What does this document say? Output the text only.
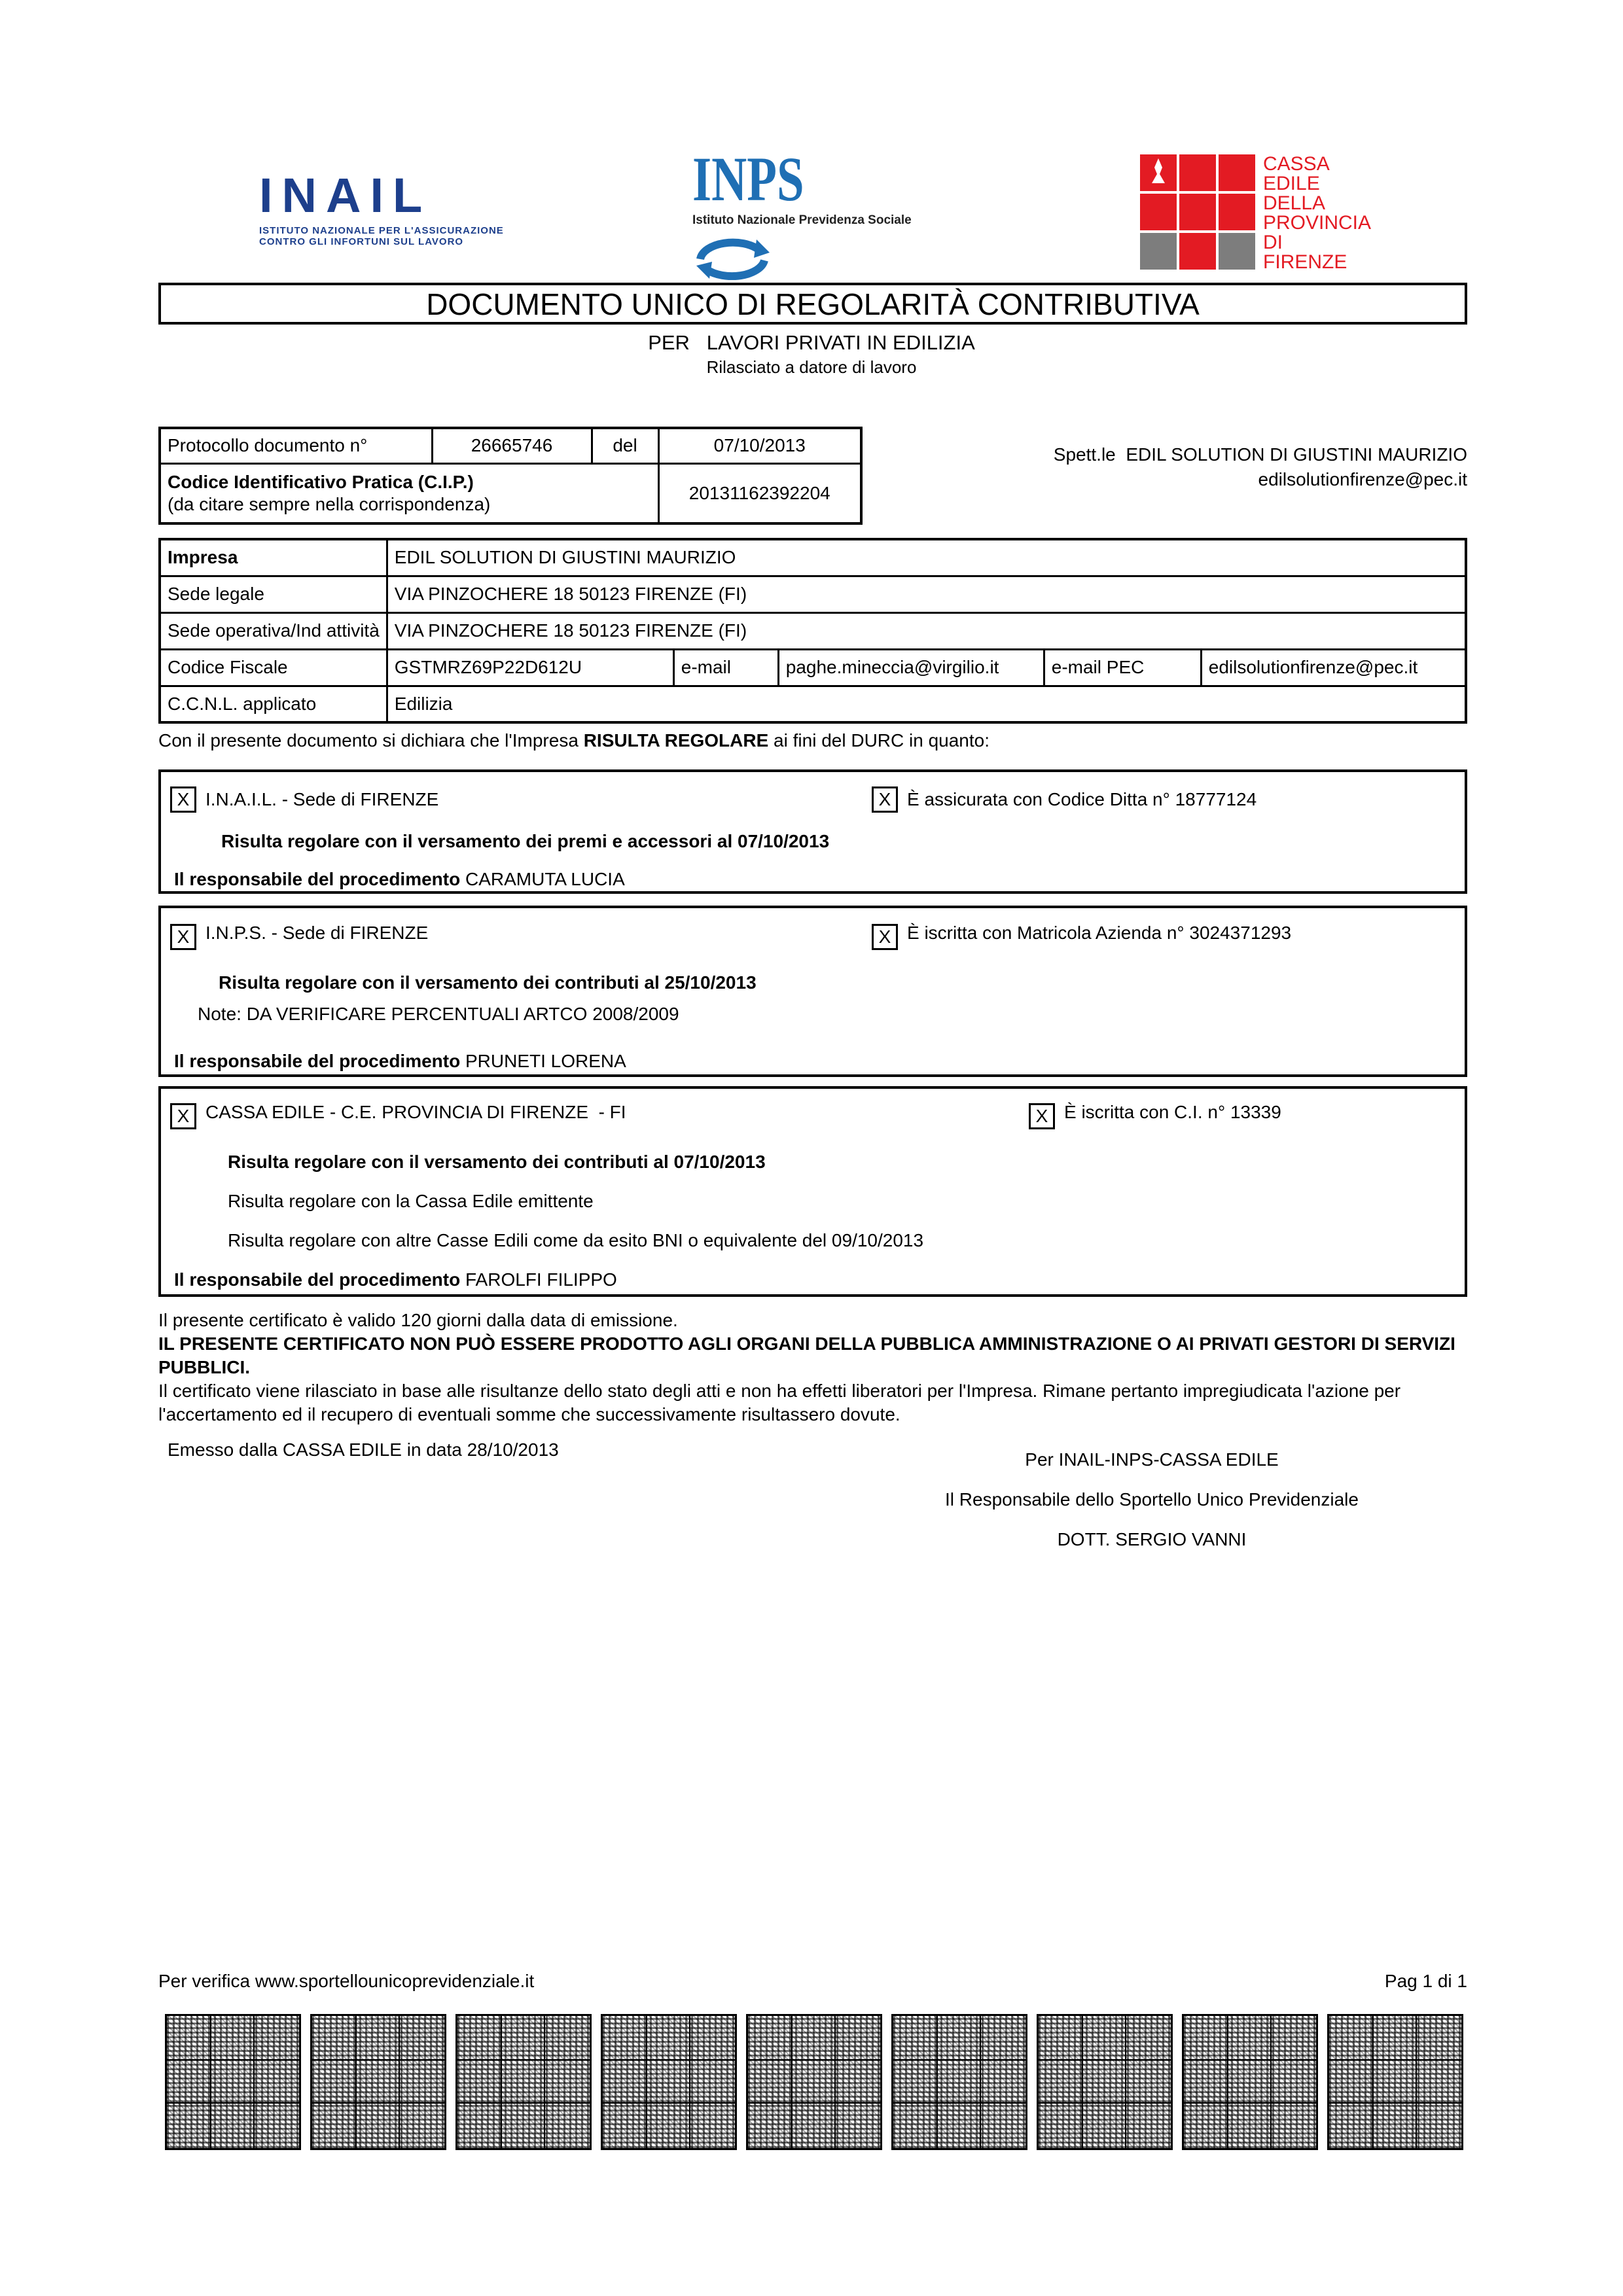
INAIL
ISTITUTO NAZIONALE PER L'ASSICURAZIONE
CONTRO GLI INFORTUNI SUL LAVORO
INPS
Istituto Nazionale Previdenza Sociale
CASSA
EDILE
DELLA
PROVINCIA
DI
FIRENZE
DOCUMENTO UNICO DI REGOLARITÀ CONTRIBUTIVA
PER LAVORI PRIVATI IN EDILIZIA
Rilasciato a datore di lavoro
Protocollo documento n°	26665746	del	07/10/2013

Codice Identificativo Pratica (C.I.P.)
(da citare sempre nella corrispondenza)			20131162392204
Spett.le EDIL SOLUTION DI GIUSTINI MAURIZIO
edilsolutionfirenze@pec.it
Impresa	EDIL SOLUTION DI GIUSTINI MAURIZIO				
Sede legale	VIA PINZOCHERE 18 50123 FIRENZE (FI)				
Sede operativa/Ind attività	VIA PINZOCHERE 18 50123 FIRENZE (FI)				
Codice Fiscale	GSTMRZ69P22D612U	e-mail	paghe.mineccia@virgilio.it	e-mail PEC	edilsolutionfirenze@pec.it
C.C.N.L. applicato	Edilizia				
Con il presente documento si dichiara che l'Impresa RISULTA REGOLARE ai fini del DURC in quanto:
X I.N.A.I.L. - Sede di FIRENZE	X È assicurata con Codice Ditta n° 18777124
Risulta regolare con il versamento dei premi e accessori al 07/10/2013
Il responsabile del procedimento CARAMUTA LUCIA
X I.N.P.S. - Sede di FIRENZE	X È iscritta con Matricola Azienda n° 3024371293
Risulta regolare con il versamento dei contributi al 25/10/2013
Note: DA VERIFICARE PERCENTUALI ARTCO 2008/2009
Il responsabile del procedimento PRUNETI LORENA
X CASSA EDILE - C.E. PROVINCIA DI FIRENZE  - FI	X È iscritta con C.I. n° 13339
Risulta regolare con il versamento dei contributi al 07/10/2013
Risulta regolare con la Cassa Edile emittente
Risulta regolare con altre Casse Edili come da esito BNI o equivalente del 09/10/2013
Il responsabile del procedimento FAROLFI FILIPPO
Il presente certificato è valido 120 giorni dalla data di emissione.
IL PRESENTE CERTIFICATO NON PUÒ ESSERE PRODOTTO AGLI ORGANI DELLA PUBBLICA AMMINISTRAZIONE O AI PRIVATI GESTORI DI SERVIZI PUBBLICI.
Il certificato viene rilasciato in base alle risultanze dello stato degli atti e non ha effetti liberatori per l'Impresa. Rimane pertanto impregiudicata l'azione per l'accertamento ed il recupero di eventuali somme che successivamente risultassero dovute.
Emesso dalla CASSA EDILE in data 28/10/2013	Per INAIL-INPS-CASSA EDILE
Il Responsabile dello Sportello Unico Previdenziale
DOTT. SERGIO VANNI
Per verifica www.sportellounicoprevidenziale.it	Pag 1 di 1
